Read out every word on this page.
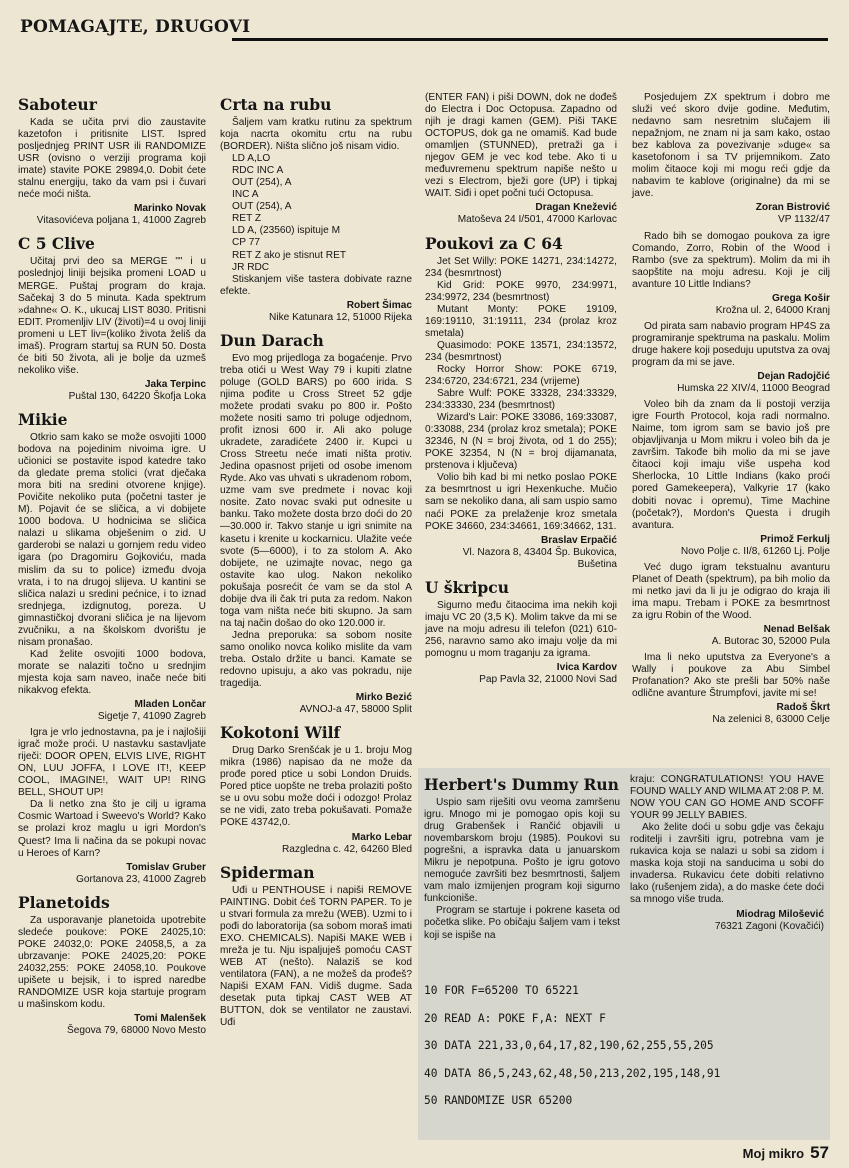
POMAGAJTE, DRUGOVI
Saboteur

Kada se učita prvi dio zaustavite kazetofon i pritisnite LIST. Ispred posljednjeg PRINT USR ili RANDOMIZE USR (ovisno o verziji programa koji imate) stavite POKE 29894,0. Dobit ćete stalnu energiju, tako da vam psi i čuvari neće moći ništa.

Marinko Novak

Vitasovićeva poljana 1, 41000 Zagreb

C 5 Clive

Učitaj prvi deo sa MERGE "" i u poslednjoj liniji bejsika promeni LOAD u MERGE. Puštaj program do kraja. Sačekaj 3 do 5 minuta. Kada spektrum »dahne« O. K., ukucaj LIST 8030. Pritisni EDIT. Promenljiv LIV (životi)=4 u ovoj liniji promeni u LET liv=(koliko života želiš da imaš). Program startuj sa RUN 50. Dosta će biti 50 života, ali je bolje da uzmeš nekoliko više.

Jaka Terpinc

Puštal 130, 64220 Škofja Loka

Mikie

Otkrio sam kako se može osvojiti 1000 bodova na pojedinim nivoima igre. U učionici se postavite ispod katedre tako da gledate prema stolici (vrat dječaka mora biti na sredini otvorene knjige). Povičite nekoliko puta (početni taster je M). Pojavit će se sličica, a vi dobijete 1000 bodova. U hodniciма se sličica nalazi u slikama obješenim o zid. U garderobi se nalazi u gornjem redu video igara (po Dragomiru Gojkoviću, mada mislim da su to police) između dvoja vrata, i to na drugoj slijeva. U kantini se sličica nalazi u sredini pećnice, i to iznad srednjega, izdignutog, poreza. U gimnastičkoj dvorani sličica je na lijevom zvučniku, a na školskom dvorištu je nisam pronašao.

Kad želite osvojiti 1000 bodova, morate se nalaziti točno u srednjim mjesta koja sam naveo, inače neće biti nikakvog efekta.

Mladen Lončar

Sigetje 7, 41090 Zagreb

Igra je vrlo jednostavna, pa je i najlošiji igrač može proći. U nastavku sastavljate riječi: DOOR OPEN, ELVIS LIVE, RIGHT ON, LUU JOFFA, I LOVE IT!, KEEP COOL, IMAGINE!, WAIT UP! RING BELL, SHOUT UP!

Da li netko zna što je cilj u igrama Cosmic Wartoad i Sweevo's World? Kako se prolazi kroz maglu u igri Mordon's Quest? Ima li načina da se pokupi novac u Heroes of Karn?

Tomislav Gruber

Gortanova 23, 41000 Zagreb

Planetoids

Za usporavanje planetoida upotrebite sledeće poukove: POKE 24025,10: POKE 24032,0: POKE 24058,5, a za ubrzavanje: POKE 24025,20: POKE 24032,255: POKE 24058,10. Poukove upišete u bejsik, i to ispred naredbe RANDOMIZE USR koja startuje program u mašinskom kodu.

Tomi Malenšek

Šegova 79, 68000 Novo Mesto

Crta na rubu

Šaljem vam kratku rutinu za spektrum koja nacrta okomitu crtu na rubu (BORDER). Ništa slično još nisam vidio.

LD A,LO
RDC INC A
OUT (254), A
INC A
OUT (254), A
RET Z
LD A, (23560) ispituje M
CP 77
RET Z ako je stisnut RET
JR RDC

Stiskanjem više tastera dobivate razne efekte.

Robert Šimac

Nike Katunara 12, 51000 Rijeka

Dun Darach

Evo mog prijedloga za bogaćenje. Prvo treba otići u West Way 79 i kupiti zlatne poluge (GOLD BARS) po 600 irida. S njima pođite u Cross Street 52 gdje možete prodati svaku po 800 ir. Pošto možete nositi samo tri poluge odjednom, profit iznosi 600 ir. Ali ako poluge ukradete, zaradićete 2400 ir. Kupci u Cross Streetu neće imati ništa protiv. Jedina opasnost prijeti od osobe imenom Ryde. Ako vas uhvati s ukradenom robom, uzme vam sve predmete i novac koji nosite. Zato novac svaki put odnesite u banku. Tako možete dosta brzo doći do 20—30.000 ir. Takvo stanje u igri snimite na kasetu i krenite u kockarnicu. Ulažite veće svote (5—6000), i to za stolom A. Ako dobijete, ne uzimajte novac, nego ga ostavite kao ulog. Nakon nekoliko pokušaja posrećit će vam se da stol A dobije dva ili čak tri puta za redom. Nakon toga vam ništa neće biti skupno. Ja sam na taj način došao do oko 120.000 ir.

Jedna preporuka: sa sobom nosite samo onoliko novca koliko mislite da vam treba. Ostalo držite u banci. Kamate se redovno upisuju, a ako vas pokradu, nije tragedija.

Mirko Bezić

AVNOJ-a 47, 58000 Split

Kokotoni Wilf

Drug Darko Srenšćak je u 1. broju Mog mikra (1986) napisao da ne može da prođe pored ptice u sobi London Druids. Pored ptice uopšte ne treba prolaziti pošto se u ovu sobu može doći i odozgo! Prolaz se ne vidi, zato treba pokušavati. Pomaže POKE 43742,0.

Marko Lebar

Razgledna c. 42, 64260 Bled

Spiderman

Uđi u PENTHOUSE i napiši REMOVE PAINTING. Dobit ćeš TORN PAPER. To je u stvari formula za mrežu (WEB). Uzmi to i pođi do laboratorija (sa sobom moraš imati EXO. CHEMICALS). Napiši MAKE WEB i mreža je tu. Nju ispaljuješ pomoću CAST WEB AT (nešto). Nalaziš se kod ventilatora (FAN), a ne možeš da prođeš? Napiši EXAM FAN. Vidiš dugme. Sada desetak puta tipkaj CAST WEB AT BUTTON, dok se ventilator ne zaustavi. Uđi

(ENTER FAN) i piši DOWN, dok ne dođeš do Electra i Doc Octopusa. Zapadno od njih je dragi kamen (GEM). Piši TAKE OCTOPUS, dok ga ne omamiš. Kad bude omamljen (STUNNED), pretraži ga i njegov GEM je vec kod tebe. Ako ti u međuvremenu spektrum napiše nešto u vezi s Electrom, bježi gore (UP) i tipkaj WAIT. Siđi i opet počni tući Octopusa.

Dragan Knežević

Matoševa 24 I/501, 47000 Karlovac

Poukovi za C 64

Jet Set Willy: POKE 14271, 234:14272, 234 (besmrtnost)

Kid Grid: POKE 9970, 234:9971, 234:9972, 234 (besmrtnost)

Mutant Monty: POKE 19109, 169:19110, 31:19111, 234 (prolaz kroz smetala)

Quasimodo: POKE 13571, 234:13572, 234 (besmrtnost)

Rocky Horror Show: POKE 6719, 234:6720, 234:6721, 234 (vrijeme)

Sabre Wulf: POKE 33328, 234:33329, 234:33330, 234 (besmrtnost)

Wizard's Lair: POKE 33086, 169:33087, 0:33088, 234 (prolaz kroz smetala); POKE 32346, N (N = broj života, od 1 do 255); POKE 32354, N (N = broj dijamanata, prstenova i ključeva)

Volio bih kad bi mi netko poslao POKE za besmrtnost u igri Hexenkuche. Mučio sam se nekoliko dana, ali sam uspio samo naći POKE za prelaženje kroz smetala POKE 34660, 234:34661, 169:34662, 131.

Braslav Erpačić

Vl. Nazora 8, 43404 Šp. Bukovica, Bušetina

U škripcu

Sigurno među čitaocima ima nekih koji imaju VC 20 (3,5 K). Molim takve da mi se jave na moju adresu ili telefon (021) 610-256, naravno samo ako imaju volje da mi pomognu u mom traganju za igrama.

Ivica Kardov

Pap Pavla 32, 21000 Novi Sad

Posjedujem ZX spektrum i dobro me služi već skoro dvije godine. Međutim, nedavno sam nesretnim slučajem ili nepažnjom, ne znam ni ja sam kako, ostao bez kablova za povezivanje »duge« sa kasetofonom i sa TV prijemnikom. Zato molim čitaoce koji mi mogu reći gdje da nabavim te kablove (originalne) da mi se jave.

Zoran Bistrović

VP 1132/47

Rado bih se domogao poukova za igre Comando, Zorro, Robin of the Wood i Rambo (sve za spektrum). Molim da mi ih saopštite na moju adresu. Koji je cilj avanture 10 Little Indians?

Grega Košir

Krožna ul. 2, 64000 Kranj

Od pirata sam nabavio program HP4S za programiranje spektruma na paskalu. Molim druge hakere koji poseduju uputstva za ovaj program da mi se jave.

Dejan Radojčić

Humska 22 XIV/4, 11000 Beograd

Voleo bih da znam da li postoji verzija igre Fourth Protocol, koja radi normalno. Naime, tom igrom sam se bavio još pre objavljivanja u Mom mikru i voleo bih da je završim. Takođe bih molio da mi se jave čitaoci koji imaju više uspeha kod Sherlocka, 10 Little Indians (kako proći pored Gamekeepera), Valkyrie 17 (kako dobiti novac i opremu), Time Machine (početak?), Mordon's Questa i drugih avantura.

Primož Ferkulj

Novo Polje c. II/8, 61260 Lj. Polje

Već dugo igram tekstualnu avanturu Planet of Death (spektrum), pa bih molio da mi netko javi da li ju je odigrao do kraja ili ima mapu. Trebam i POKE za besmrtnost za igru Robin of the Wood.

Nenad Belšak

A. Butorac 30, 52000 Pula

Ima li neko uputstva za Everyone's a Wally i poukove za Abu Simbel Profanation? Ako ste prešli bar 50% naše odlične avanture Štrumpfovi, javite mi se!

Radoš Škrt

Na zelenici 8, 63000 Celje

Herbert's Dummy Run

Uspio sam riješiti ovu veoma zamršenu igru. Mnogo mi je pomogao opis koji su drug Grabenšek i Rančić objavili u novembarskom broju (1985). Poukovi su pogrešni, a ispravka data u januarskom Mikru je nepotpuna. Pošto je igru gotovo nemoguće završiti bez besmrtnosti, šaljem vam malo izmijenjen program koji sigurno funkcioniše.

Program se startuje i pokrene kaseta od početka slike. Po običaju šaljem vam i tekst koji se ispiše na

kraju: CONGRATULATIONS! YOU HAVE FOUND WALLY AND WILMA AT 2:08 P. M. NOW YOU CAN GO HOME AND SCOFF YOUR 99 JELLY BABIES.

Ako želite doći u sobu gdje vas čekaju roditelji i završiti igru, potrebna vam je rukavica koja se nalazi u sobi sa zidom i maska koja stoji na sanducima u sobi do invadersa. Rukavicu ćete dobiti relativno lako (rušenjem zida), a do maske ćete doći sa mnogo više truda.

Miodrag Milošević

76321 Zagoni (Kovačići)

10 FOR F=65200 TO 65221
20 READ A: POKE F,A: NEXT F
30 DATA 221,33,0,64,17,82,190,62,255,55,205
40 DATA 86,5,243,62,48,50,213,202,195,148,91
50 RANDOMIZE USR 65200
Moj mikro 57
